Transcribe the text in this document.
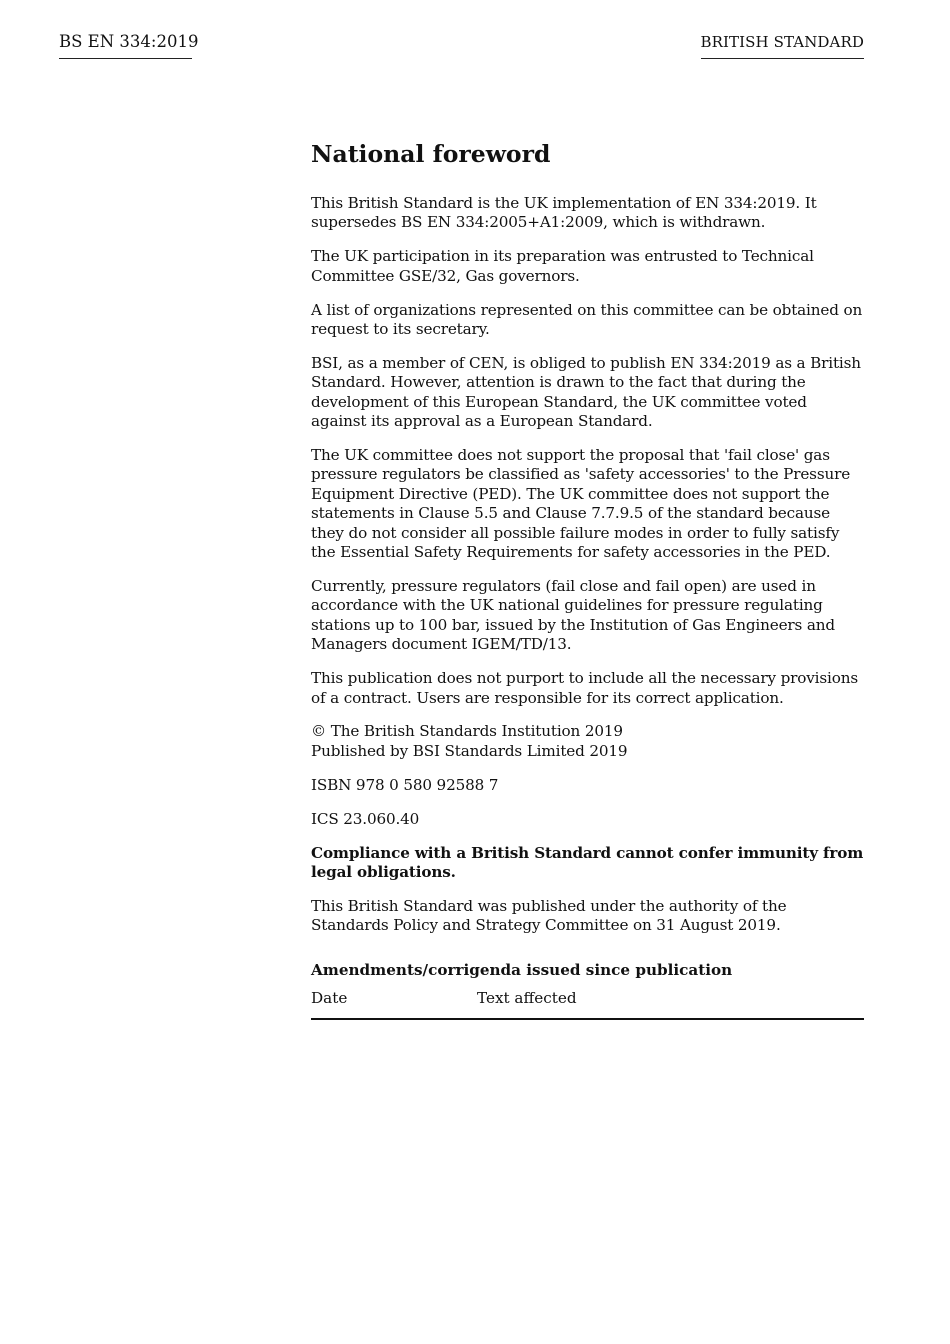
BS EN 334:2019	BRITISH STANDARD
National foreword
This British Standard is the UK implementation of EN 334:2019. It supersedes BS EN 334:2005+A1:2009, which is withdrawn.
The UK participation in its preparation was entrusted to Technical Committee GSE/32, Gas governors.
A list of organizations represented on this committee can be obtained on request to its secretary.
BSI, as a member of CEN, is obliged to publish EN 334:2019 as a British Standard. However, attention is drawn to the fact that during the development of this European Standard, the UK committee voted against its approval as a European Standard.
The UK committee does not support the proposal that 'fail close' gas pressure regulators be classified as 'safety accessories' to the Pressure Equipment Directive (PED). The UK committee does not support the statements in Clause 5.5 and Clause 7.7.9.5 of the standard because they do not consider all possible failure modes in order to fully satisfy the Essential Safety Requirements for safety accessories in the PED.
Currently, pressure regulators (fail close and fail open) are used in accordance with the UK national guidelines for pressure regulating stations up to 100 bar, issued by the Institution of Gas Engineers and Managers document IGEM/TD/13.
This publication does not purport to include all the necessary provisions of a contract. Users are responsible for its correct application.
© The British Standards Institution 2019
Published by BSI Standards Limited 2019
ISBN 978 0 580 92588 7
ICS 23.060.40
Compliance with a British Standard cannot confer immunity from legal obligations.
This British Standard was published under the authority of the Standards Policy and Strategy Committee on 31 August 2019.
Amendments/corrigenda issued since publication
Date	Text affected
